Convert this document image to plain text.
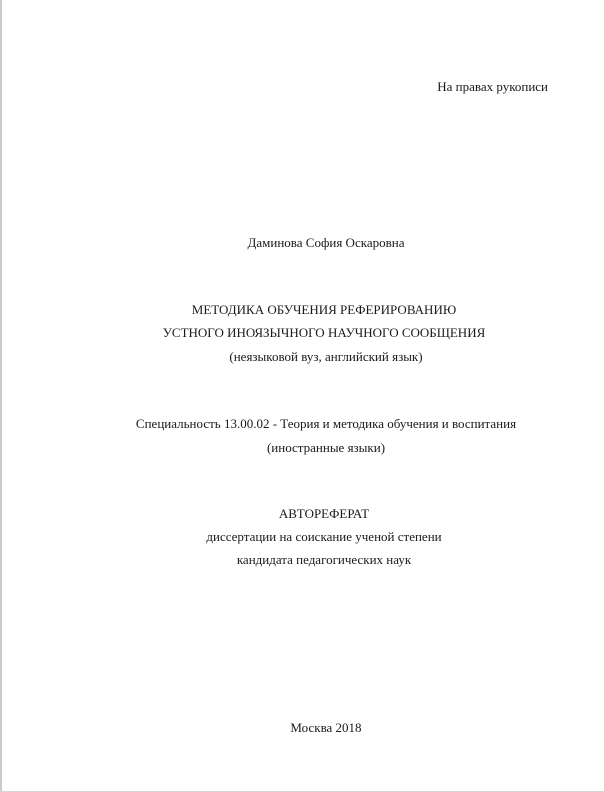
На правах рукописи
Даминова София Оскаровна
МЕТОДИКА ОБУЧЕНИЯ РЕФЕРИРОВАНИЮ
УСТНОГО ИНОЯЗЫЧНОГО НАУЧНОГО СООБЩЕНИЯ
(неязыковой вуз, английский язык)
Специальность 13.00.02 - Теория и методика обучения и воспитания
(иностранные языки)
АВТОРЕФЕРАТ
диссертации на соискание ученой степени
кандидата педагогических наук
Москва 2018
